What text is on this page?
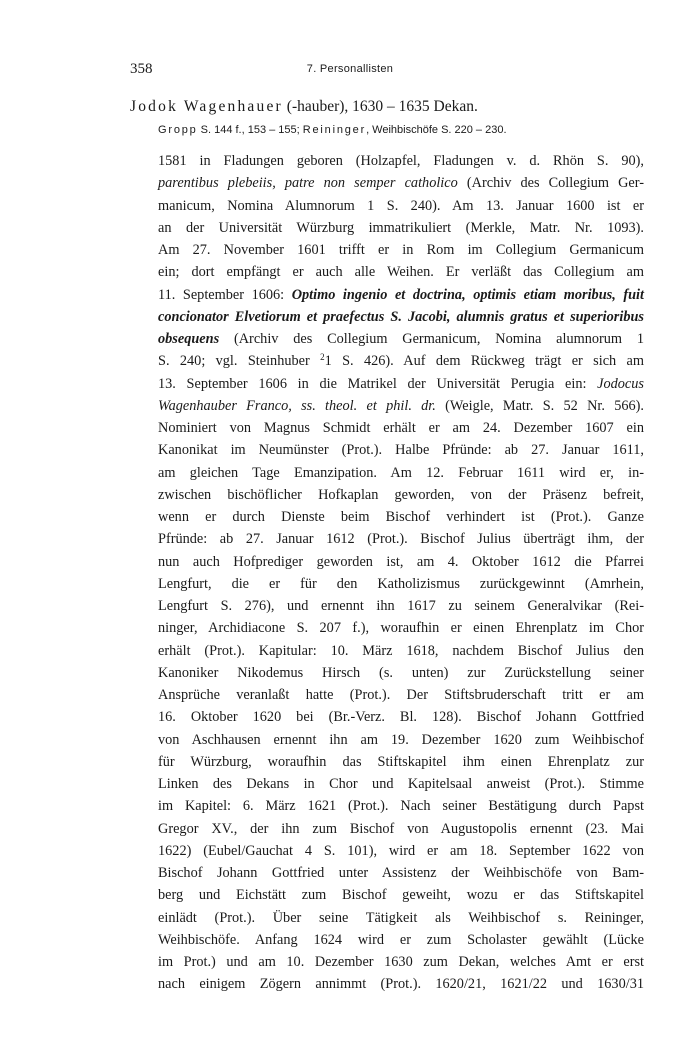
358	7. Personallisten
Jodok Wagenhauer (-hauber), 1630 – 1635 Dekan.
Gropp S. 144 f., 153 – 155; Reininger, Weihbischöfe S. 220 – 230.
1581 in Fladungen geboren (Holzapfel, Fladungen v. d. Rhön S. 90),
parentibus plebeiis, patre non semper catholico (Archiv des Collegium Ger-
manicum, Nomina Alumnorum 1 S. 240). Am 13. Januar 1600 ist er
an der Universität Würzburg immatrikuliert (Merkle, Matr. Nr. 1093).
Am 27. November 1601 trifft er in Rom im Collegium Germanicum
ein; dort empfängt er auch alle Weihen. Er verläßt das Collegium am
11. September 1606: Optimo ingenio et doctrina, optimis etiam moribus, fuit
concionator Elvetiorum et praefectus S. Jacobi, alumnis gratus et superioribus
obsequens (Archiv des Collegium Germanicum, Nomina alumnorum 1
S. 240; vgl. Steinhuber $^2$1 S. 426). Auf dem Rückweg trägt er sich am
13. September 1606 in die Matrikel der Universität Perugia ein: Jodocus
Wagenhauber Franco, ss. theol. et phil. dr. (Weigle, Matr. S. 52 Nr. 566).
Nominiert von Magnus Schmidt erhält er am 24. Dezember 1607 ein
Kanonikat im Neumünster (Prot.). Halbe Pfründe: ab 27. Januar 1611,
am gleichen Tage Emanzipation. Am 12. Februar 1611 wird er, in-
zwischen bischöflicher Hofkaplan geworden, von der Präsenz befreit,
wenn er durch Dienste beim Bischof verhindert ist (Prot.). Ganze
Pfründe: ab 27. Januar 1612 (Prot.). Bischof Julius überträgt ihm, der
nun auch Hofprediger geworden ist, am 4. Oktober 1612 die Pfarrei
Lengfurt, die er für den Katholizismus zurückgewinnt (Amrhein,
Lengfurt S. 276), und ernennt ihn 1617 zu seinem Generalvikar (Rei-
ninger, Archidiacone S. 207 f.), woraufhin er einen Ehrenplatz im Chor
erhält (Prot.). Kapitular: 10. März 1618, nachdem Bischof Julius den
Kanoniker Nikodemus Hirsch (s. unten) zur Zurückstellung seiner
Ansprüche veranlaßt hatte (Prot.). Der Stiftsbruderschaft tritt er am
16. Oktober 1620 bei (Br.-Verz. Bl. 128). Bischof Johann Gottfried
von Aschhausen ernennt ihn am 19. Dezember 1620 zum Weihbischof
für Würzburg, woraufhin das Stiftskapitel ihm einen Ehrenplatz zur
Linken des Dekans in Chor und Kapitelsaal anweist (Prot.). Stimme
im Kapitel: 6. März 1621 (Prot.). Nach seiner Bestätigung durch Papst
Gregor XV., der ihn zum Bischof von Augustopolis ernennt (23. Mai
1622) (Eubel/Gauchat 4 S. 101), wird er am 18. September 1622 von
Bischof Johann Gottfried unter Assistenz der Weihbischöfe von Bam-
berg und Eichstätt zum Bischof geweiht, wozu er das Stiftskapitel
einlädt (Prot.). Über seine Tätigkeit als Weihbischof s. Reininger,
Weihbischöfe. Anfang 1624 wird er zum Scholaster gewählt (Lücke
im Prot.) und am 10. Dezember 1630 zum Dekan, welches Amt er erst
nach einigem Zögern annimmt (Prot.). 1620/21, 1621/22 und 1630/31
